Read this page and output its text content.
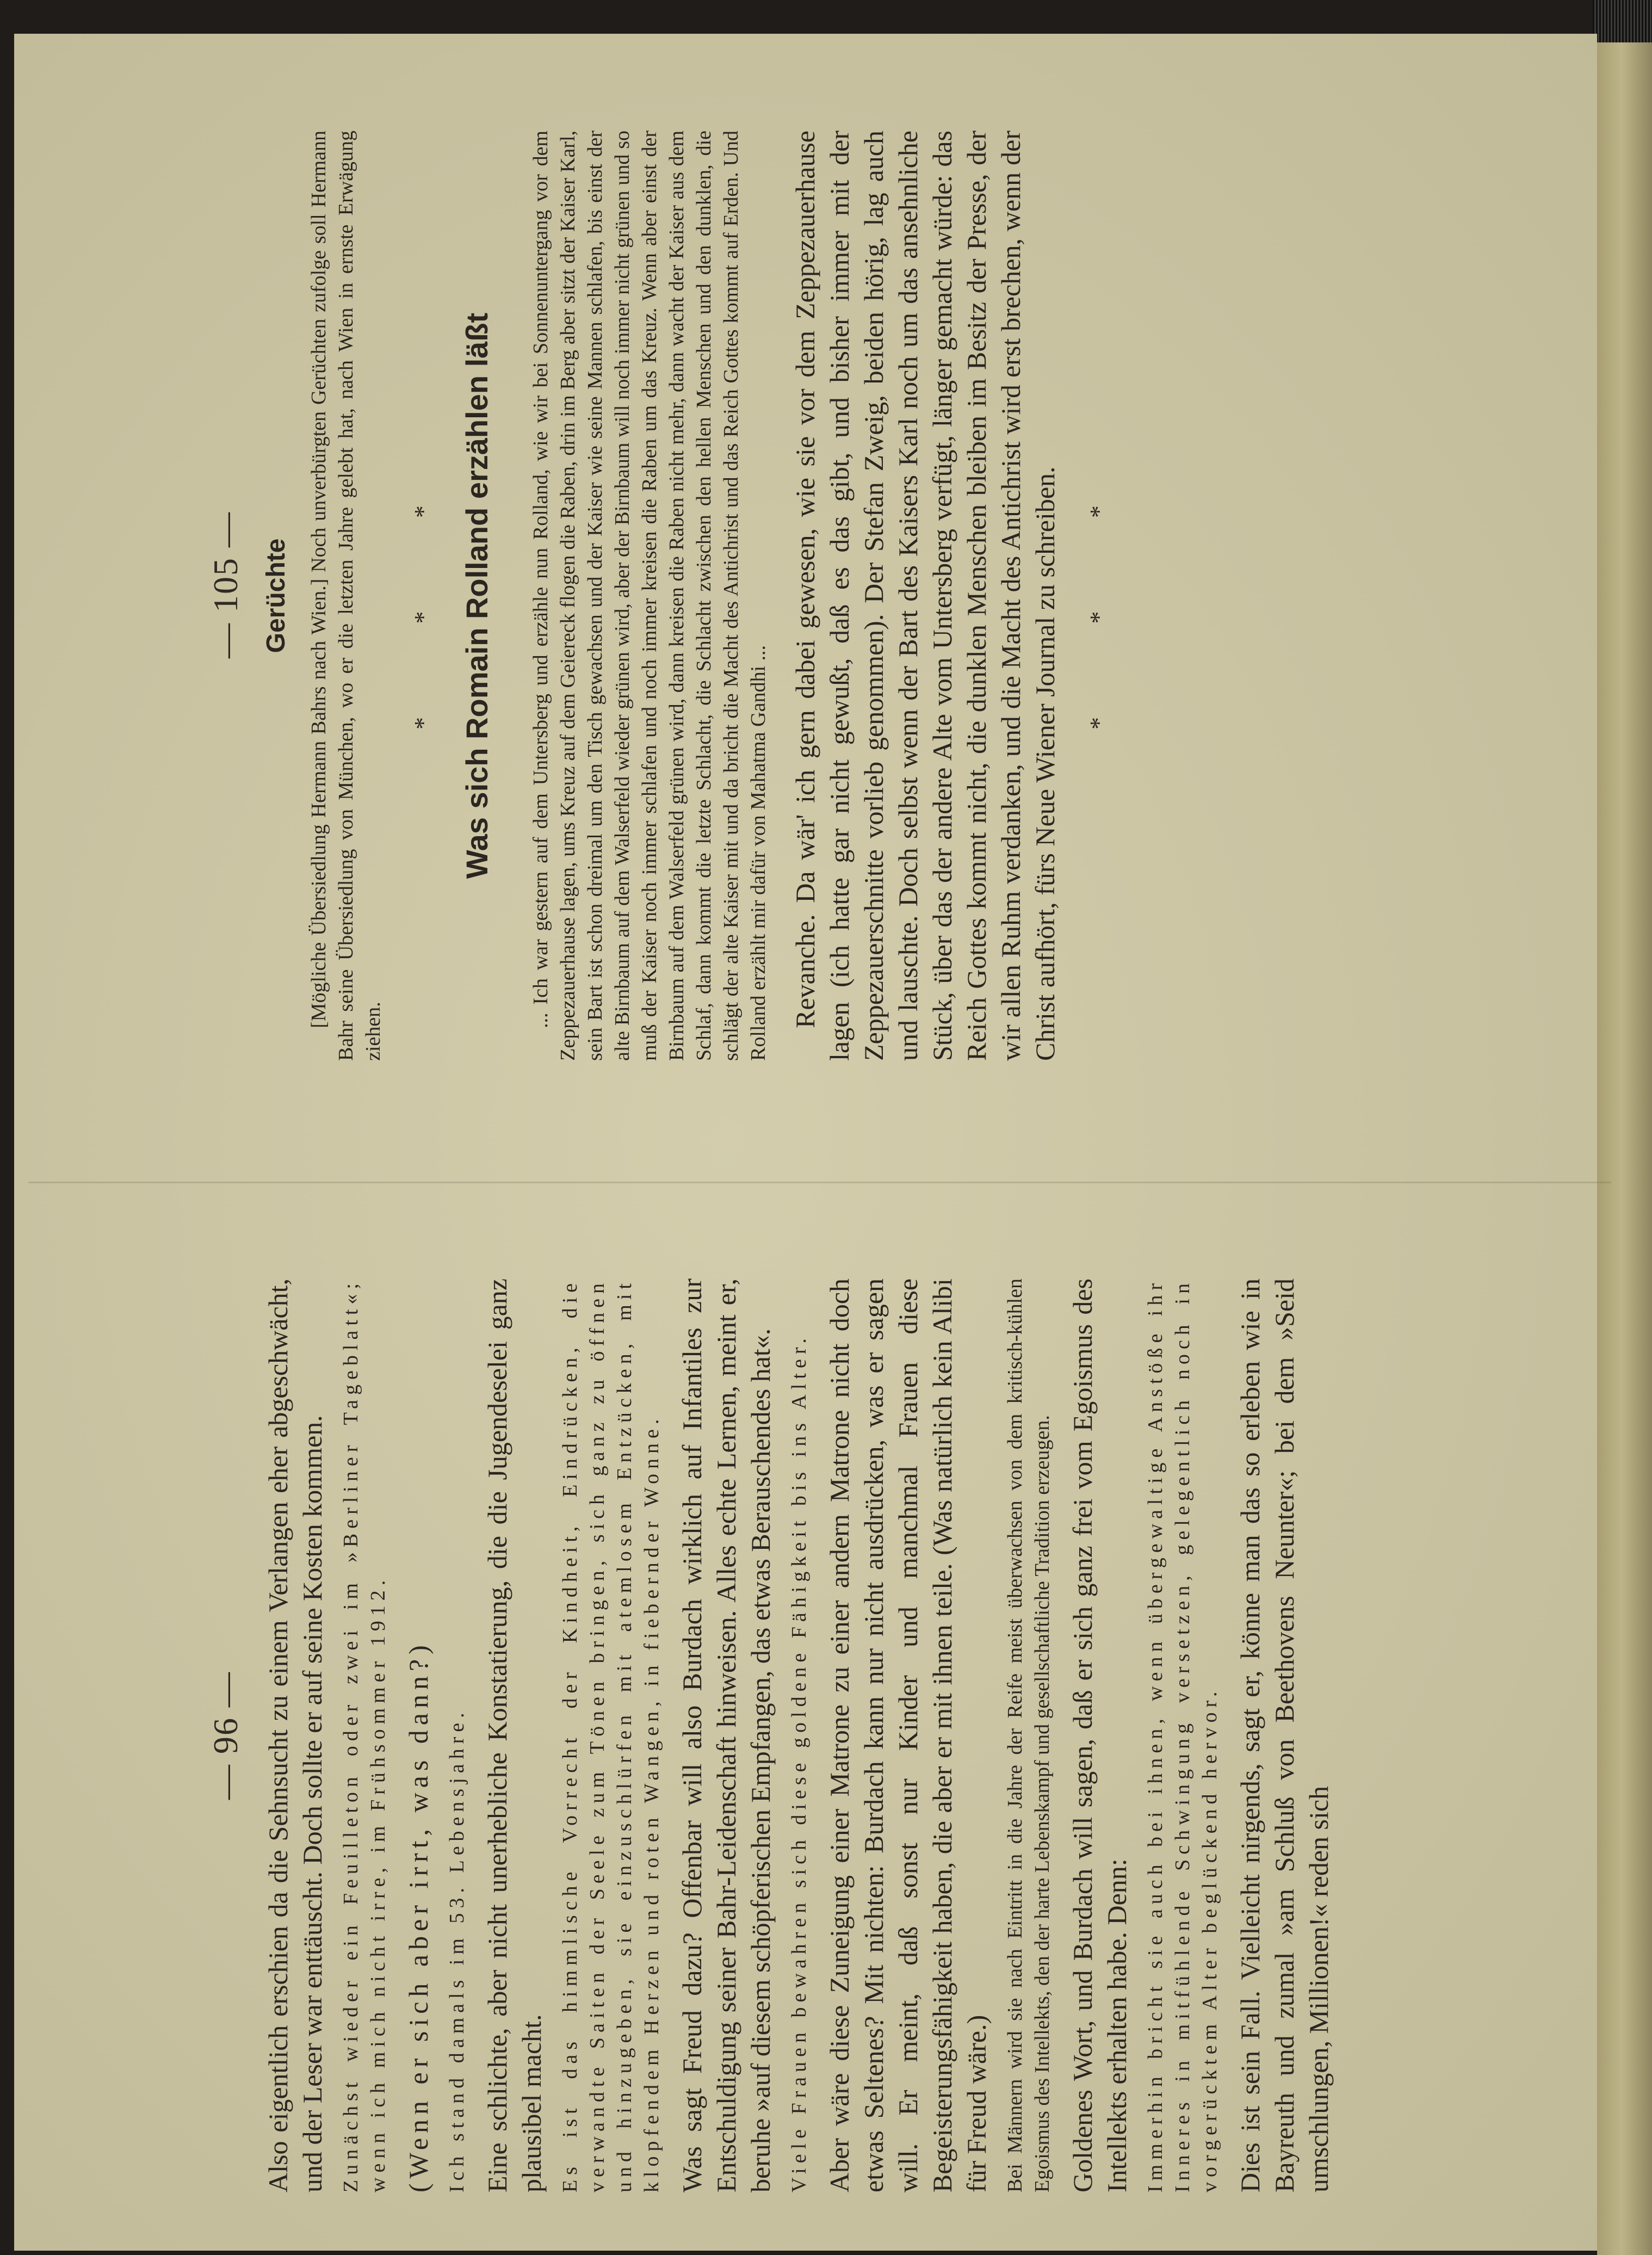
— 96 — Also eigentlich erschien da die Sehnsucht zu einem Verlangen eher abgeschwächt, und der Leser war enttäuscht. Doch sollte er auf seine Kosten kommen. Zunächst wieder ein Feuilleton oder zwei im »Berliner Tageblatt«; wenn ich mich nicht irre, im Frühsommer 1912. (Wenn er sich aber irrt, was dann?) Ich stand damals im 53. Lebensjahre. Eine schlichte, aber nicht unerhebliche Konstatierung, die die Jugendeselei ganz plausibel macht. Es ist das himmlische Vorrecht der Kindheit, Eindrücken, die verwandte Saiten der Seele zum Tönen bringen, sich ganz zu öffnen und hinzugeben, sie einzuschlürfen mit atemlosem Entzücken, mit klopfendem Herzen und roten Wangen, in fiebernder Wonne. Was sagt Freud dazu? Offenbar will also Burdach wirklich auf Infantiles zur Entschuldigung seiner Bahr-Leidenschaft hinweisen. Alles echte Lernen, meint er, beruhe »auf diesem schöpferischen Empfangen, das etwas Berauschendes hat«. Viele Frauen bewahren sich diese goldene Fähigkeit bis ins Alter. Aber wäre diese Zuneigung einer Matrone zu einer andern Matrone nicht doch etwas Seltenes? Mit nichten: Burdach kann nur nicht ausdrücken, was er sagen will. Er meint, daß sonst nur Kinder und manchmal Frauen diese Begeisterungsfähigkeit haben, die aber er mit ihnen teile. (Was natürlich kein Alibi für Freud wäre.) Bei Männern wird sie nach Eintritt in die Jahre der Reife meist überwachsen von dem kritisch-kühlen Egoismus des Intellekts, den der harte Lebenskampf und gesellschaftliche Tradition erzeugen. Goldenes Wort, und Burdach will sagen, daß er sich ganz frei vom Egoismus des Intellekts erhalten habe. Denn: Immerhin bricht sie auch bei ihnen, wenn übergewaltige Anstöße ihr Inneres in mitfühlende Schwingung versetzen, gelegentlich noch in vorgerücktem Alter beglückend hervor. Dies ist sein Fall. Vielleicht nirgends, sagt er, könne man das so erleben wie in Bayreuth und zumal »am Schluß von Beethovens Neunter«; bei dem »Seid umschlungen, Millionen!« reden sich

— 105 — Gerüchte [Mögliche Übersiedlung Hermann Bahrs nach Wien.] Noch unverbürgten Gerüchten zufolge soll Hermann Bahr seine Übersiedlung von München, wo er die letzten Jahre gelebt hat, nach Wien in ernste Erwägung ziehen.

* * * Was sich Romain Rolland erzählen läßt ... Ich war gestern auf dem Untersberg und erzähle nun Rolland, wie wir bei Sonnenuntergang vor dem Zeppezauerhause lagen, ums Kreuz auf dem Geiereck flogen die Raben, drin im Berg aber sitzt der Kaiser Karl, sein Bart ist schon dreimal um den Tisch gewachsen und der Kaiser wie seine Mannen schlafen, bis einst der alte Birnbaum auf dem Walserfeld wieder grünen wird, aber der Birnbaum will noch immer nicht grünen und so muß der Kaiser noch immer schlafen und noch immer kreisen die Raben um das Kreuz. Wenn aber einst der Birnbaum auf dem Walserfeld grünen wird, dann kreisen die Raben nicht mehr, dann wacht der Kaiser aus dem Schlaf, dann kommt die letzte Schlacht, die Schlacht zwischen den hellen Menschen und den dunklen, die schlägt der alte Kaiser mit und da bricht die Macht des Antichrist und das Reich Gottes kommt auf Erden. Und Rolland erzählt mir dafür von Mahatma Gandhi ... Revanche. Da wär' ich gern dabei gewesen, wie sie vor dem Zeppezauerhause lagen (ich hatte gar nicht gewußt, daß es das gibt, und bisher immer mit der Zeppezauerschnitte vorlieb genommen). Der Stefan Zweig, beiden hörig, lag auch und lauschte. Doch selbst wenn der Bart des Kaisers Karl noch um das ansehnliche Stück, über das der andere Alte vom Untersberg verfügt, länger gemacht würde: das Reich Gottes kommt nicht, die dunklen Menschen bleiben im Besitz der Presse, der wir allen Ruhm verdanken, und die Macht des Antichrist wird erst brechen, wenn der Christ aufhört, fürs Neue Wiener Journal zu schreiben. * * *
